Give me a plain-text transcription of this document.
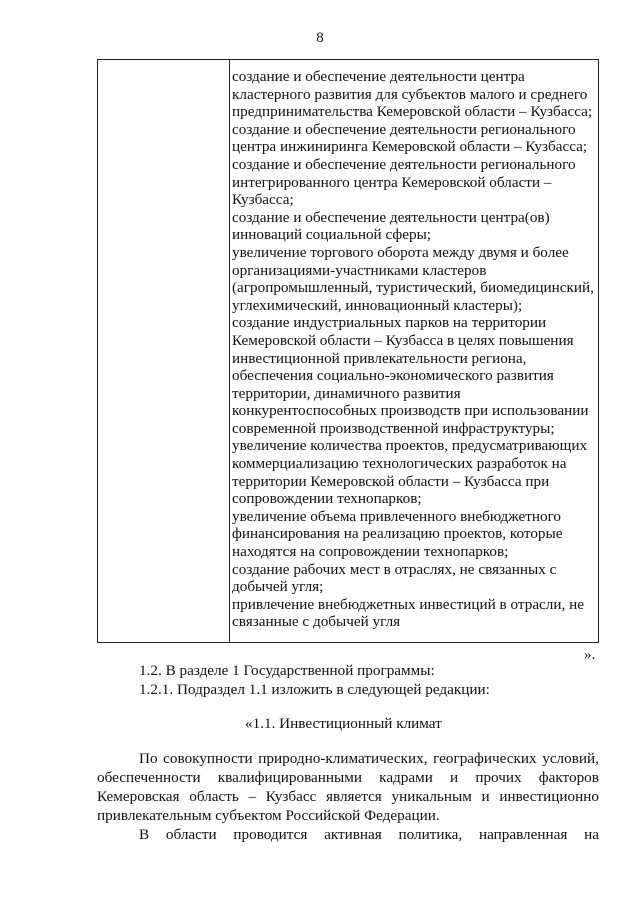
8
создание и обеспечение деятельности центра
кластерного развития для субъектов малого и среднего
предпринимательства Кемеровской области – Кузбасса;
создание и обеспечение деятельности регионального
центра инжиниринга Кемеровской области – Кузбасса;
создание и обеспечение деятельности регионального
интегрированного центра Кемеровской области –
Кузбасса;
создание и обеспечение деятельности центра(ов)
инноваций социальной сферы;
увеличение торгового оборота между двумя и более
организациями-участниками кластеров
(агропромышленный, туристический, биомедицинский,
углехимический, инновационный кластеры);
создание индустриальных парков на территории
Кемеровской области – Кузбасса в целях повышения
инвестиционной привлекательности региона,
обеспечения социально-экономического развития
территории, динамичного развития
конкурентоспособных производств при использовании
современной производственной инфраструктуры;
увеличение количества проектов, предусматривающих
коммерциализацию технологических разработок на
территории Кемеровской области – Кузбасса при
сопровождении технопарков;
увеличение объема привлеченного внебюджетного
финансирования на реализацию проектов, которые
находятся на сопровождении технопарков;
создание рабочих мест в отраслях, не связанных с
добычей угля;
привлечение внебюджетных инвестиций в отрасли, не
связанные с добычей угля
».
1.2. В разделе 1 Государственной программы:
1.2.1. Подраздел 1.1 изложить в следующей редакции:
«1.1. Инвестиционный климат
По совокупности природно-климатических, географических условий,
обеспеченности квалифицированными кадрами и прочих факторов
Кемеровская область – Кузбасс является уникальным и инвестиционно
привлекательным субъектом Российской Федерации.
В области проводится активная политика, направленная на
